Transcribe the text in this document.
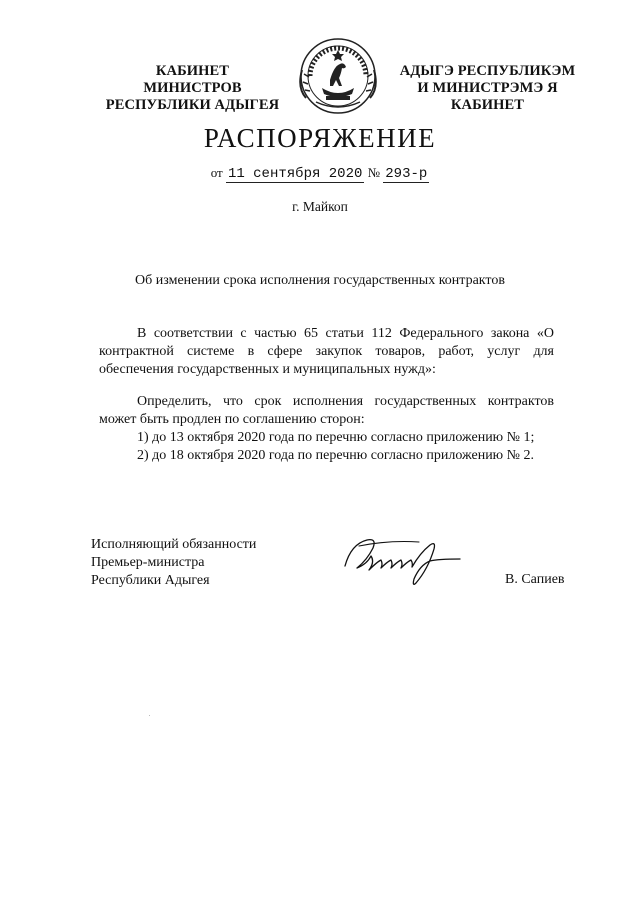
КАБИНЕТ МИНИСТРОВ
РЕСПУБЛИКИ АДЫГЕЯ
АДЫГЭ РЕСПУБЛИКЭМ
И МИНИСТРЭМЭ Я КАБИНЕТ
РАСПОРЯЖЕНИЕ
от 11 сентября 2020 № 293-р
г. Майкоп
Об изменении срока исполнения государственных контрактов

В соответствии с частью 65 статьи 112 Федерального закона «О контрактной системе в сфере закупок товаров, работ, услуг для обеспечения государственных и муниципальных нужд»:

Определить, что срок исполнения государственных контрактов может быть продлен по соглашению сторон:

1) до 13 октября 2020 года по перечню согласно приложению № 1;

2) до 18 октября 2020 года по перечню согласно приложению № 2.

Исполняющий обязанности
Премьер-министра
Республики Адыгея	В. Сапиев
